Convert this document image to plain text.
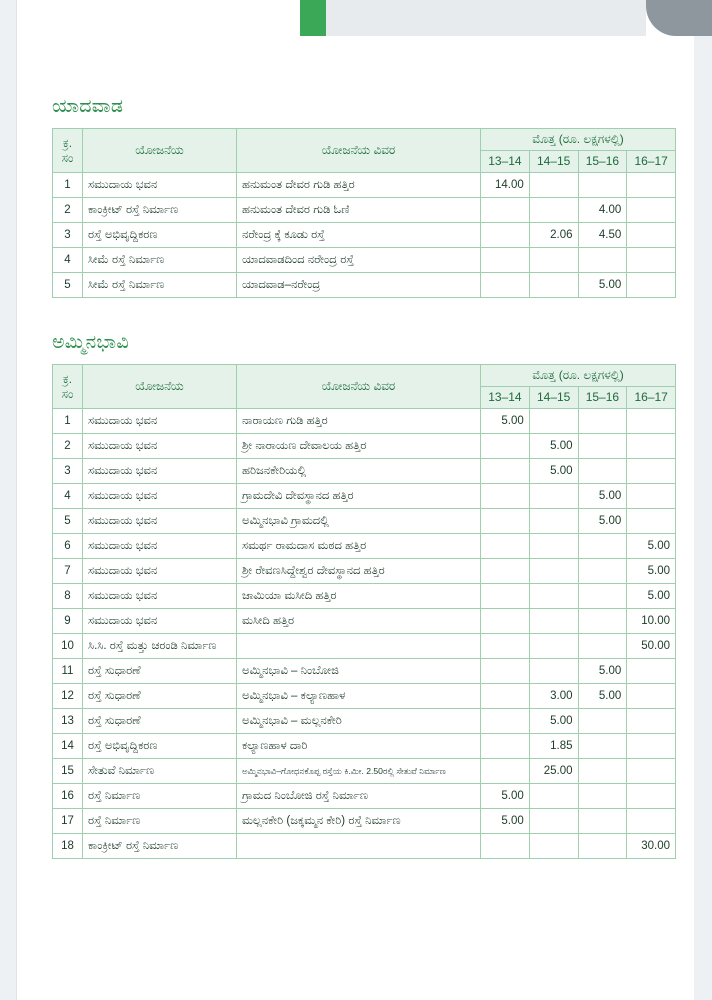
ಯಾದವಾಡ
ಕ್ರ. ಸಂ	ಯೋಜನೆಯ	ಯೋಜನೆಯ ವಿವರ	ಮೊತ್ತ (ರೂ. ಲಕ್ಷಗಳಲ್ಲಿ)			
			13–14	14–15	15–16	16–17
1	ಸಮುದಾಯ ಭವನ	ಹನುಮಂತ ದೇವರ ಗುಡಿ ಹತ್ತಿರ	14.00			
2	ಕಾಂಕ್ರೀಟ್ ರಸ್ತೆ ನಿರ್ಮಾಣ	ಹನುಮಂತ ದೇವರ ಗುಡಿ ಓಣಿ			4.00	
3	ರಸ್ತೆ ಅಭಿವೃದ್ದಿಕರಣ	ನರೇಂದ್ರ ಕ್ಕೆ ಕೂಡು ರಸ್ತೆ		2.06	4.50	
4	ಸೀಮೆ ರಸ್ತೆ ನಿರ್ಮಾಣ	ಯಾದವಾಡದಿಂದ ನರೇಂದ್ರ ರಸ್ತೆ				
5	ಸೀಮೆ ರಸ್ತೆ ನಿರ್ಮಾಣ	ಯಾದವಾಡ–ನರೇಂದ್ರ			5.00	
ಅಮ್ಮಿನಭಾವಿ
ಕ್ರ. ಸಂ	ಯೋಜನೆಯ	ಯೋಜನೆಯ ವಿವರ	ಮೊತ್ತ (ರೂ. ಲಕ್ಷಗಳಲ್ಲಿ)			
			13–14	14–15	15–16	16–17
1	ಸಮುದಾಯ ಭವನ	ನಾರಾಯಣ ಗುಡಿ ಹತ್ತಿರ	5.00			
2	ಸಮುದಾಯ ಭವನ	ಶ್ರೀ ನಾರಾಯಣ ದೇವಾಲಯ ಹತ್ತಿರ		5.00		
3	ಸಮುದಾಯ ಭವನ	ಹರಿಜನಕೇರಿಯಲ್ಲಿ		5.00		
4	ಸಮುದಾಯ ಭವನ	ಗ್ರಾಮದೇವಿ ದೇವಸ್ಥಾನದ ಹತ್ತಿರ			5.00	
5	ಸಮುದಾಯ ಭವನ	ಅಮ್ಮಿನಭಾವಿ ಗ್ರಾಮದಲ್ಲಿ			5.00	
6	ಸಮುದಾಯ ಭವನ	ಸಮರ್ಥ ರಾಮದಾಸ ಮಠದ ಹತ್ತಿರ				5.00
7	ಸಮುದಾಯ ಭವನ	ಶ್ರೀ ರೇವಣಸಿದ್ದೇಶ್ವರ ದೇವಸ್ಥಾನದ ಹತ್ತಿರ				5.00
8	ಸಮುದಾಯ ಭವನ	ಜಾಮಿಯಾ ಮಸೀದಿ ಹತ್ತಿರ				5.00
9	ಸಮುದಾಯ ಭವನ	ಮಸೀದಿ ಹತ್ತಿರ				10.00
10	ಸಿ.ಸಿ. ರಸ್ತೆ ಮತ್ತು ಚರಂಡಿ ನಿರ್ಮಾಣ					50.00
11	ರಸ್ತೆ ಸುಧಾರಣೆ	ಅಮ್ಮಿನಭಾವಿ – ನಿಂಬೋಜಿ			5.00	
12	ರಸ್ತೆ ಸುಧಾರಣೆ	ಅಮ್ಮಿನಭಾವಿ – ಕಲ್ಯಾಣಹಾಳ		3.00	5.00	
13	ರಸ್ತೆ ಸುಧಾರಣೆ	ಅಮ್ಮಿನಭಾವಿ – ಮಲ್ಲನಕೇರಿ		5.00		
14	ರಸ್ತೆ ಅಭಿವೃದ್ದಿಕರಣ	ಕಲ್ಯಾಣಹಾಳ ದಾರಿ		1.85		
15	ಸೇತುವೆ ನಿರ್ಮಾಣ	ಅಮ್ಮಿನಭಾವಿ–ಗೋಧನಕೊಪ್ಪ ರಸ್ತೆಯ ಕಿ.ಮೀ. 2.50ರಲ್ಲಿ ಸೇತುವೆ ನಿರ್ಮಾಣ		25.00		
16	ರಸ್ತೆ ನಿರ್ಮಾಣ	ಗ್ರಾಮದ ನಿಂಬೋಜಿ ರಸ್ತೆ ನಿರ್ಮಾಣ	5.00			
17	ರಸ್ತೆ ನಿರ್ಮಾಣ	ಮಲ್ಲನಕೇರಿ (ಜಕ್ಕಮ್ಮನ ಕೇರಿ) ರಸ್ತೆ ನಿರ್ಮಾಣ	5.00			
18	ಕಾಂಕ್ರೀಟ್ ರಸ್ತೆ ನಿರ್ಮಾಣ					30.00
